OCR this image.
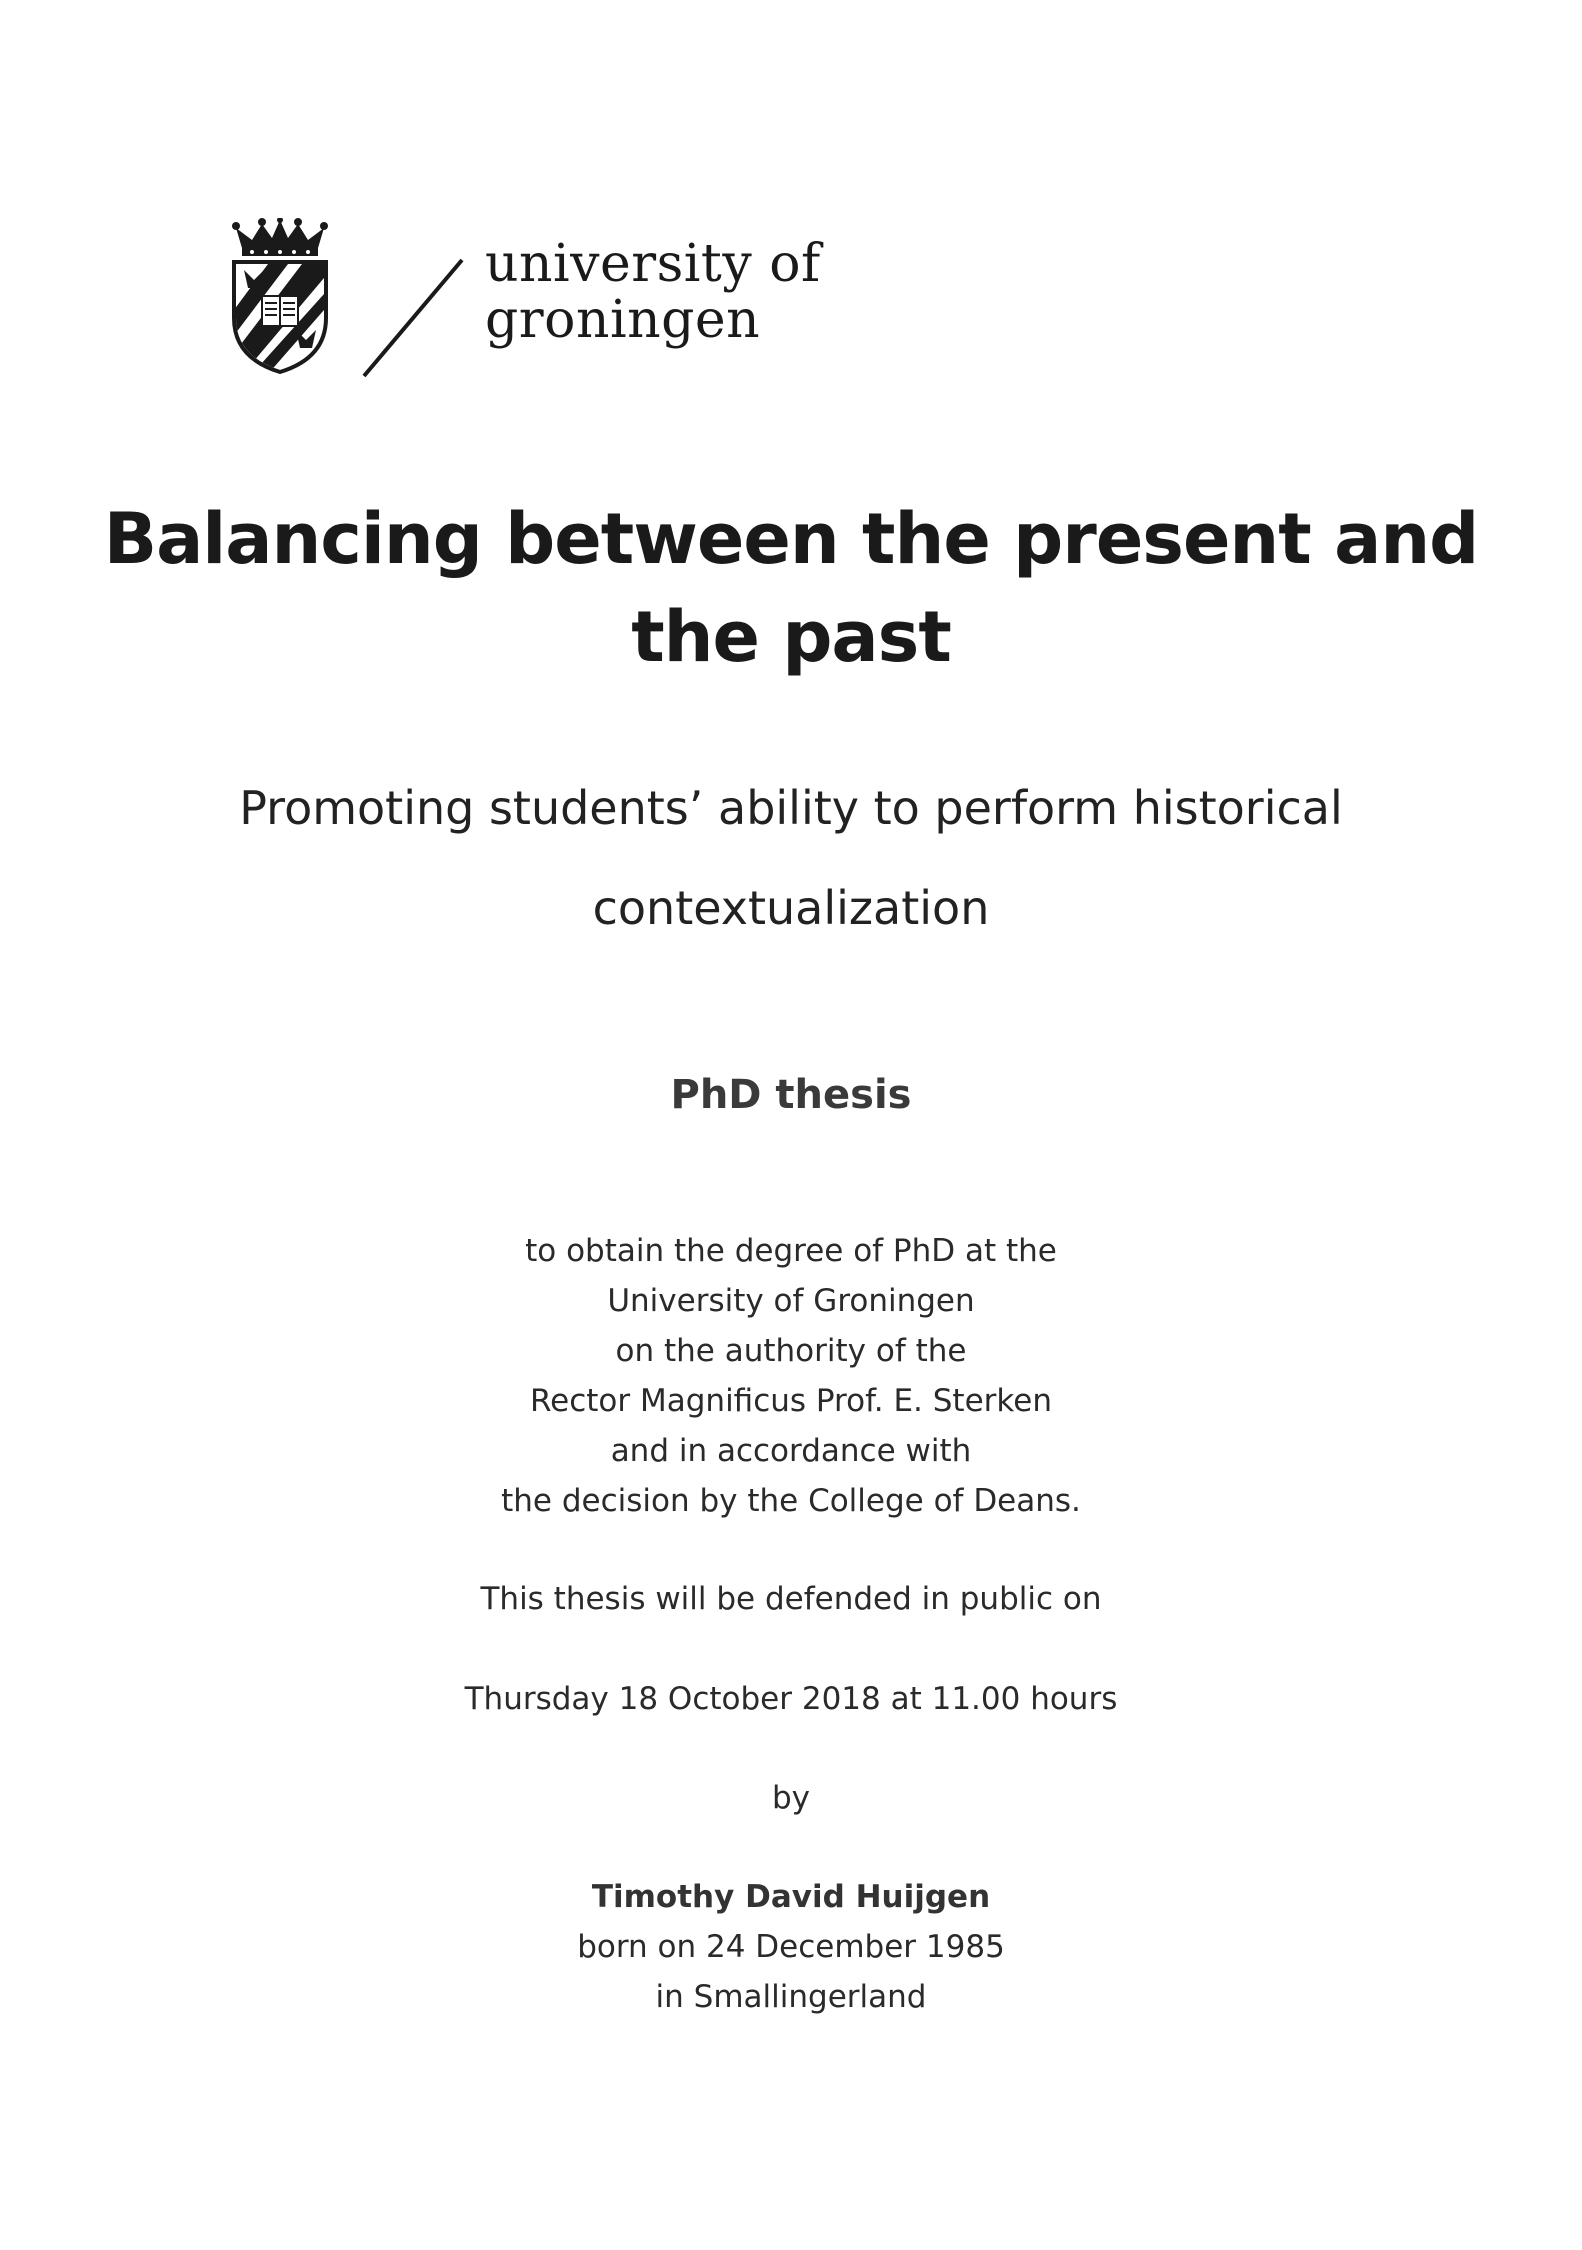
university of
groningen
Balancing between the present and
the past
Promoting students’ ability to perform historical
contextualization
PhD thesis
to obtain the degree of PhD at the
University of Groningen
on the authority of the
Rector Magnificus Prof. E. Sterken
and in accordance with
the decision by the College of Deans.
This thesis will be defended in public on
Thursday 18 October 2018 at 11.00 hours
by
Timothy David Huijgen
born on 24 December 1985
in Smallingerland
